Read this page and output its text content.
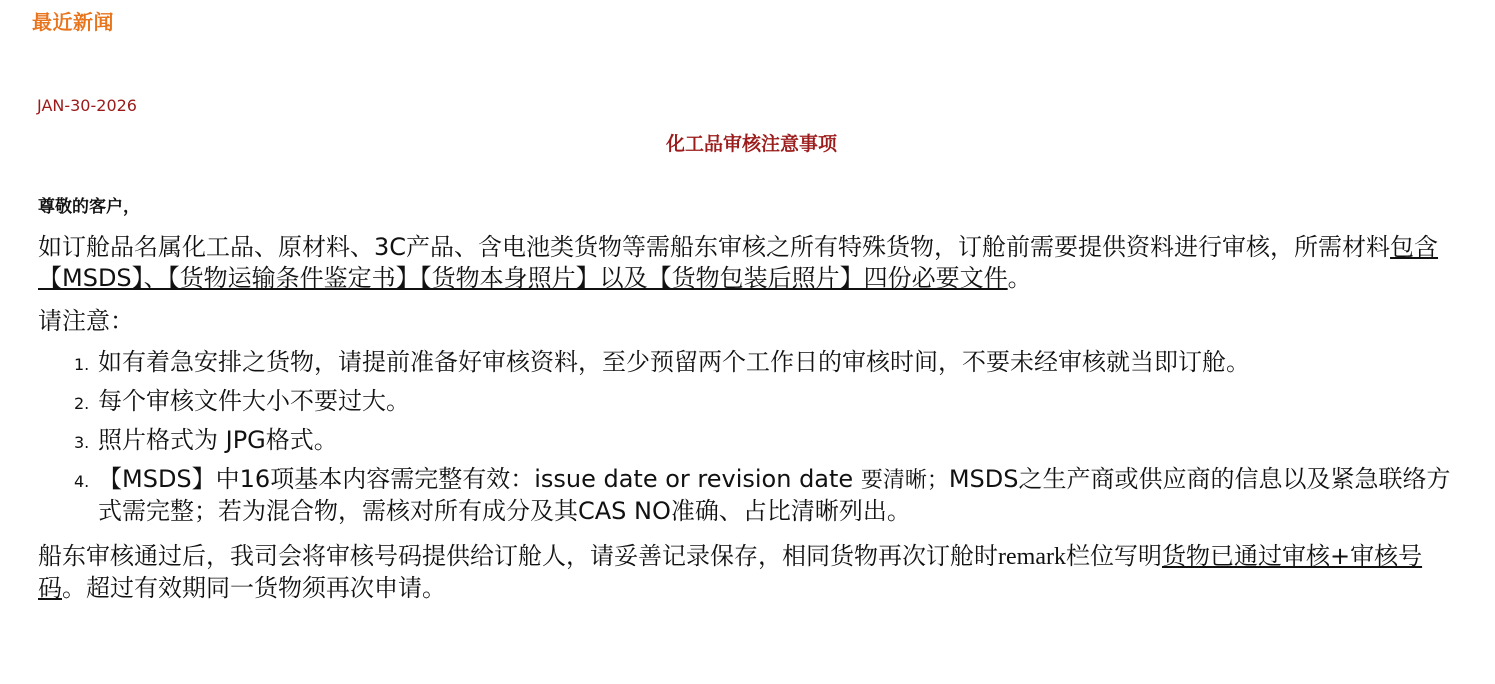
最近新闻
JAN-30-2026
化工品审核注意事项

尊敬的客户，

如订舱品名属化工品、原材料、3C产品、含电池类货物等需船东审核之所有特殊货物，订舱前需要提供资料进行审核，所需材料包含【MSDS】、【货物运输条件鉴定书】【货物本身照片】以及【货物包装后照片】四份必要文件。

请注意：

1. 如有着急安排之货物，请提前准备好审核资料，至少预留两个工作日的审核时间，不要未经审核就当即订舱。
2. 每个审核文件大小不要过大。
3. 照片格式为 JPG格式。
4. 【MSDS】中16项基本内容需完整有效：issue date or revision date 要清晰；MSDS之生产商或供应商的信息以及紧急联络方式需完整；若为混合物，需核对所有成分及其CAS NO准确、占比清晰列出。

船东审核通过后，我司会将审核号码提供给订舱人，请妥善记录保存，相同货物再次订舱时remark栏位写明货物已通过审核+审核号码。超过有效期同一货物须再次申请。
